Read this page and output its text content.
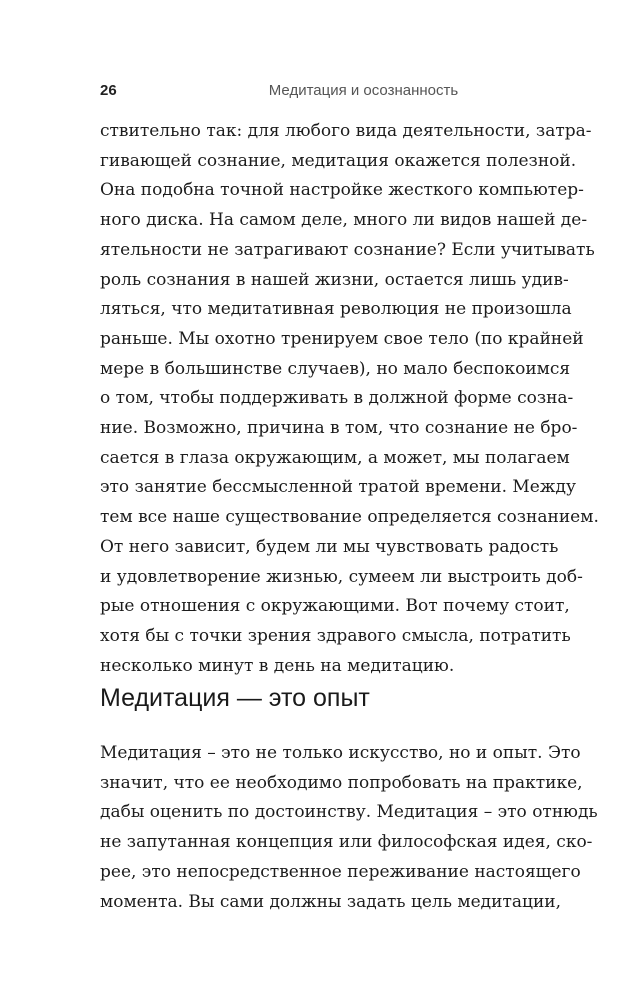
26	Медитация и осознанность
ствительно так: для любого вида деятельности, затра-
гивающей сознание, медитация окажется полезной.
Она подобна точной настройке жесткого компьютер-
ного диска. На самом деле, много ли видов нашей де-
ятельности не затрагивают сознание? Если учитывать
роль сознания в нашей жизни, остается лишь удив-
ляться, что медитативная революция не произошла
раньше. Мы охотно тренируем свое тело (по крайней
мере в большинстве случаев), но мало беспокоимся
о том, чтобы поддерживать в должной форме созна-
ние. Возможно, причина в том, что сознание не бро-
сается в глаза окружающим, а может, мы полагаем
это занятие бессмысленной тратой времени. Между
тем все наше существование определяется сознанием.
От него зависит, будем ли мы чувствовать радость
и удовлетворение жизнью, сумеем ли выстроить доб-
рые отношения с окружающими. Вот почему стоит,
хотя бы с точки зрения здравого смысла, потратить
несколько минут в день на медитацию.
Медитация — это опыт
Медитация – это не только искусство, но и опыт. Это
значит, что ее необходимо попробовать на практике,
дабы оценить по достоинству. Медитация – это отнюдь
не запутанная концепция или философская идея, ско-
рее, это непосредственное переживание настоящего
момента. Вы сами должны задать цель медитации,
